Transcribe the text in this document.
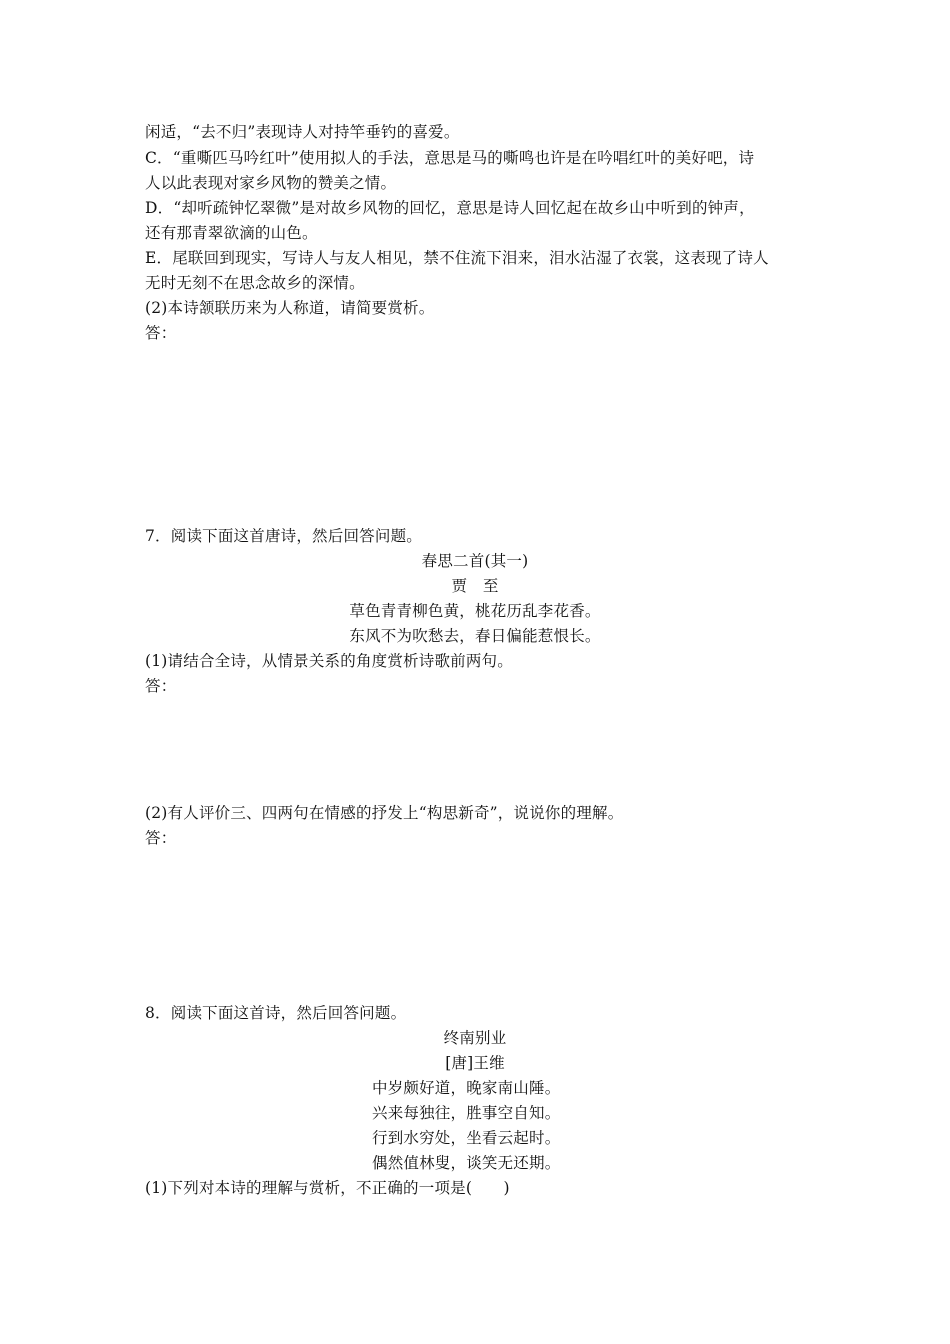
闲适，“去不归”表现诗人对持竿垂钓的喜爱。
C．“重嘶匹马吟红叶”使用拟人的手法，意思是马的嘶鸣也许是在吟唱红叶的美好吧，诗
人以此表现对家乡风物的赞美之情。
D．“却听疏钟忆翠微”是对故乡风物的回忆，意思是诗人回忆起在故乡山中听到的钟声，
还有那青翠欲滴的山色。
E．尾联回到现实，写诗人与友人相见，禁不住流下泪来，泪水沾湿了衣裳，这表现了诗人
无时无刻不在思念故乡的深情。
(2)本诗颔联历来为人称道，请简要赏析。
答：
7．阅读下面这首唐诗，然后回答问题。
春思二首(其一)
贾　至
草色青青柳色黄，桃花历乱李花香。
东风不为吹愁去，春日偏能惹恨长。
(1)请结合全诗，从情景关系的角度赏析诗歌前两句。
答：
(2)有人评价三、四两句在情感的抒发上“构思新奇”，说说你的理解。
答：
8．阅读下面这首诗，然后回答问题。
终南别业
[唐]王维
中岁颇好道，晚家南山陲。
兴来每独往，胜事空自知。
行到水穷处，坐看云起时。
偶然值林叟，谈笑无还期。
(1)下列对本诗的理解与赏析，不正确的一项是(　　)
